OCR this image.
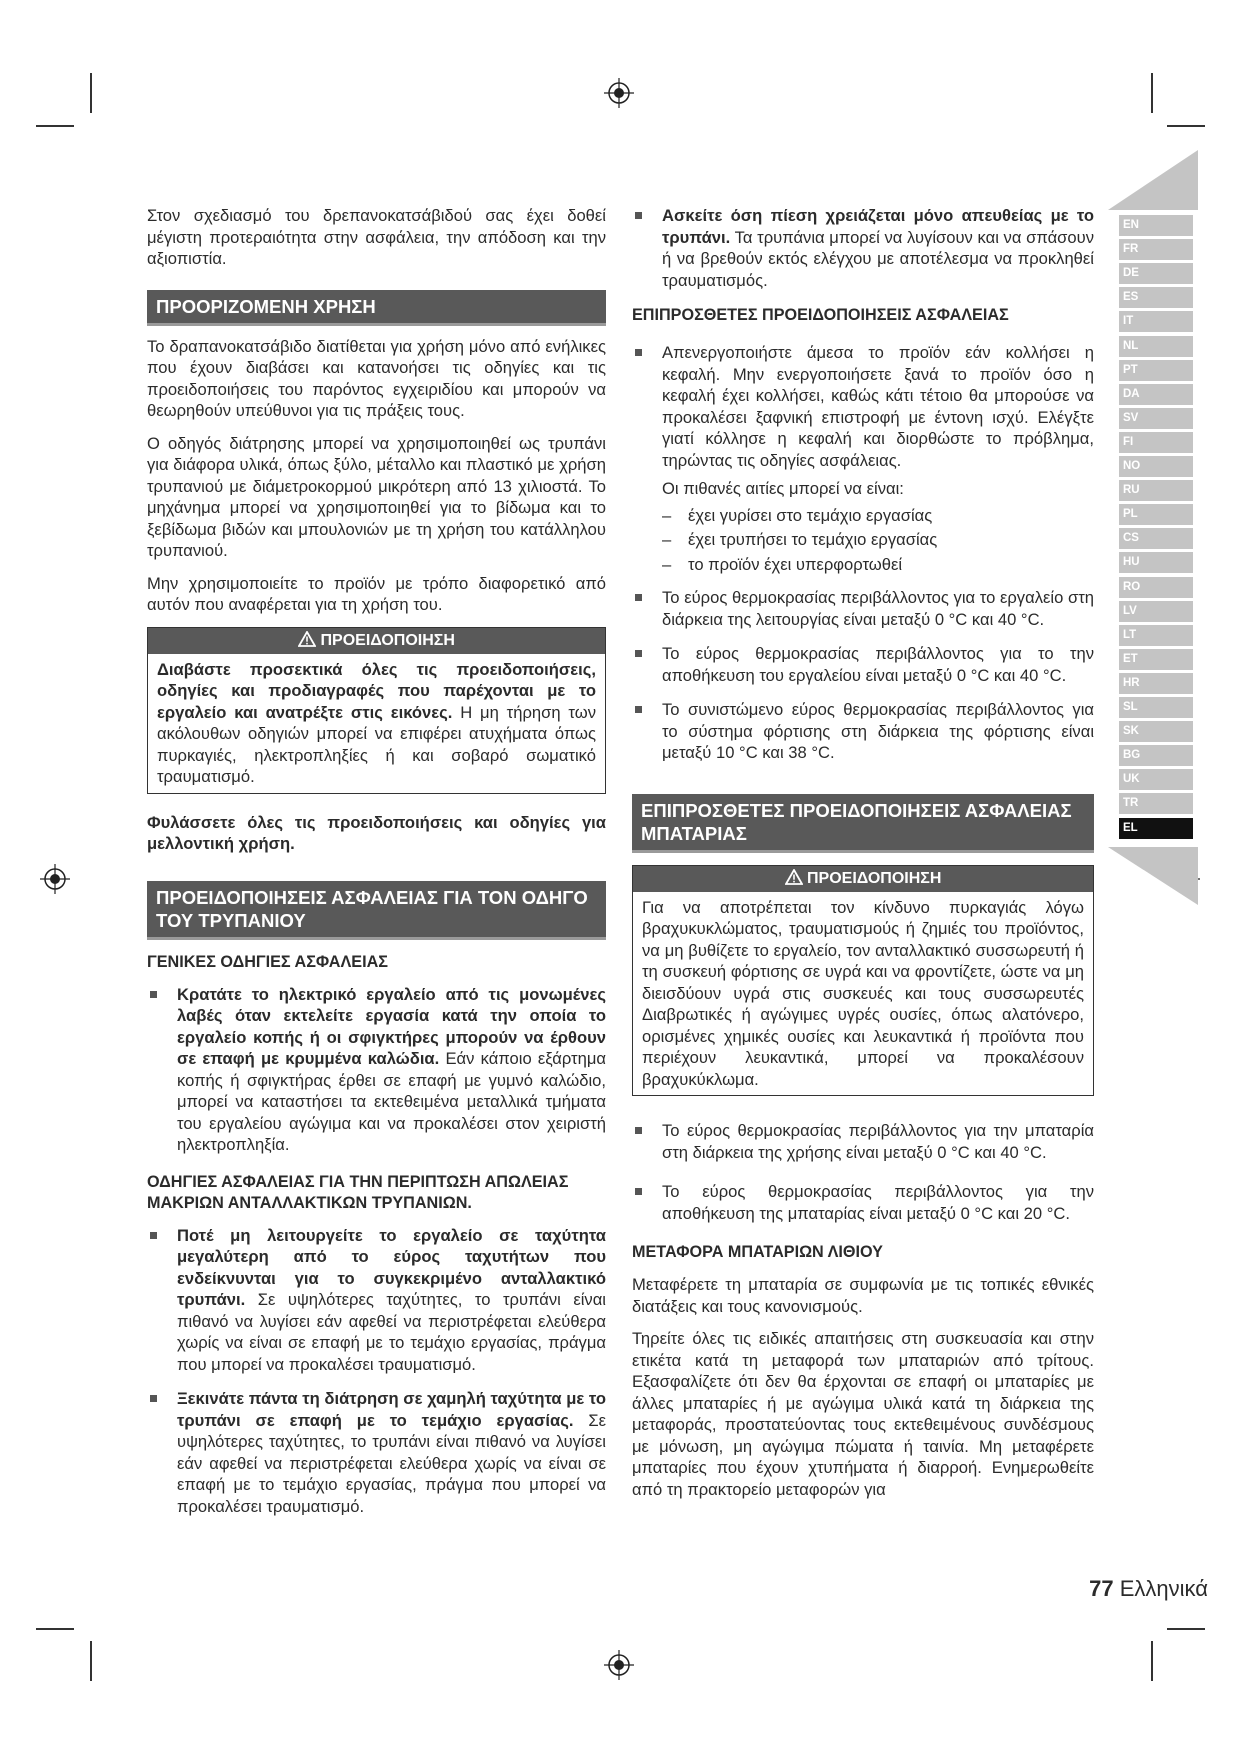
EN
FR
DE
ES
IT
NL
PT
DA
SV
FI
NO
RU
PL
CS
HU
RO
LV
LT
ET
HR
SL
SK
BG
UK
TR
EL

Στον σχεδιασμό του δρεπανοκατσάβιδού σας έχει δοθεί μέγιστη προτεραιότητα στην ασφάλεια, την απόδοση και την αξιοπιστία.

ΠΡΟΟΡΙΖΟΜΕΝΗ ΧΡΗΣΗ

Το δραπανοκατσάβιδο διατίθεται για χρήση μόνο από ενήλικες που έχουν διαβάσει και κατανοήσει τις οδηγίες και τις προειδοποιήσεις του παρόντος εγχειριδίου και μπορούν να θεωρηθούν υπεύθυνοι για τις πράξεις τους.

Ο οδηγός διάτρησης μπορεί να χρησιμοποιηθεί ως τρυπάνι για διάφορα υλικά, όπως ξύλο, μέταλλο και πλαστικό με χρήση τρυπανιού με διάμετροκορμού μικρότερη από 13 χιλιοστά. Το μηχάνημα μπορεί να χρησιμοποιηθεί για το βίδωμα και το ξεβίδωμα βιδών και μπουλονιών με τη χρήση του κατάλληλου τρυπανιού.

Μην χρησιμοποιείτε το προϊόν με τρόπο διαφορετικό από αυτόν που αναφέρεται για τη χρήση του.

ΠΡΟΕΙΔΟΠΟΙΗΣΗ
Διαβάστε προσεκτικά όλες τις προειδοποιήσεις, οδηγίες και προδιαγραφές που παρέχονται με το εργαλείο και ανατρέξτε στις εικόνες. Η μη τήρηση των ακόλουθων οδηγιών μπορεί να επιφέρει ατυχήματα όπως πυρκαγιές, ηλεκτροπληξίες ή και σοβαρό σωματικό τραυματισμό.

Φυλάσσετε όλες τις προειδοποιήσεις και οδηγίες για μελλοντική χρήση.

ΠΡΟΕΙΔΟΠΟΙΗΣΕΙΣ ΑΣΦΑΛΕΙΑΣ ΓΙΑ ΤΟΝ ΟΔΗΓΟ ΤΟΥ ΤΡΥΠΑΝΙΟΥ
ΓΕΝΙΚΕΣ ΟΔΗΓΙΕΣ ΑΣΦΑΛΕΙΑΣ
Κρατάτε το ηλεκτρικό εργαλείο από τις μονωμένες λαβές όταν εκτελείτε εργασία κατά την οποία το εργαλείο κοπής ή οι σφιγκτήρες μπορούν να έρθουν σε επαφή με κρυμμένα καλώδια. Εάν κάποιο εξάρτημα κοπής ή σφιγκτήρας έρθει σε επαφή με γυμνό καλώδιο, μπορεί να καταστήσει τα εκτεθειμένα μεταλλικά τμήματα του εργαλείου αγώγιμα και να προκαλέσει στον χειριστή ηλεκτροπληξία.
ΟΔΗΓΙΕΣ ΑΣΦΑΛΕΙΑΣ ΓΙΑ ΤΗΝ ΠΕΡΙΠΤΩΣΗ ΑΠΩΛΕΙΑΣ ΜΑΚΡΙΩΝ ΑΝΤΑΛΛΑΚΤΙΚΩΝ ΤΡΥΠΑΝΙΩΝ.
Ποτέ μη λειτουργείτε το εργαλείο σε ταχύτητα μεγαλύτερη από το εύρος ταχυτήτων που ενδείκνυνται για το συγκεκριμένο ανταλλακτικό τρυπάνι. Σε υψηλότερες ταχύτητες, το τρυπάνι είναι πιθανό να λυγίσει εάν αφεθεί να περιστρέφεται ελεύθερα χωρίς να είναι σε επαφή με το τεμάχιο εργασίας, πράγμα που μπορεί να προκαλέσει τραυματισμό.
Ξεκινάτε πάντα τη διάτρηση σε χαμηλή ταχύτητα με το τρυπάνι σε επαφή με το τεμάχιο εργασίας. Σε υψηλότερες ταχύτητες, το τρυπάνι είναι πιθανό να λυγίσει εάν αφεθεί να περιστρέφεται ελεύθερα χωρίς να είναι σε επαφή με το τεμάχιο εργασίας, πράγμα που μπορεί να προκαλέσει τραυματισμό.
Ασκείτε όση πίεση χρειάζεται μόνο απευθείας με το τρυπάνι. Τα τρυπάνια μπορεί να λυγίσουν και να σπάσουν ή να βρεθούν εκτός ελέγχου με αποτέλεσμα να προκληθεί τραυματισμός.
ΕΠΙΠΡΟΣΘΕΤΕΣ ΠΡΟΕΙΔΟΠΟΙΗΣΕΙΣ ΑΣΦΑΛΕΙΑΣ
Απενεργοποιήστε άμεσα το προϊόν εάν κολλήσει η κεφαλή. Μην ενεργοποιήσετε ξανά το προϊόν όσο η κεφαλή έχει κολλήσει, καθώς κάτι τέτοιο θα μπορούσε να προκαλέσει ξαφνική επιστροφή με έντονη ισχύ. Ελέγξτε γιατί κόλλησε η κεφαλή και διορθώστε το πρόβλημα, τηρώντας τις οδηγίες ασφάλειας.
Οι πιθανές αιτίες μπορεί να είναι:
–	έχει γυρίσει στο τεμάχιο εργασίας
–	έχει τρυπήσει το τεμάχιο εργασίας
–	το προϊόν έχει υπερφορτωθεί
Το εύρος θερμοκρασίας περιβάλλοντος για το εργαλείο στη διάρκεια της λειτουργίας είναι μεταξύ 0 °C και 40 °C.
Το εύρος θερμοκρασίας περιβάλλοντος για το την αποθήκευση του εργαλείου είναι μεταξύ 0 °C και 40 °C.
Το συνιστώμενο εύρος θερμοκρασίας περιβάλλοντος για το σύστημα φόρτισης στη διάρκεια της φόρτισης είναι μεταξύ 10 °C και 38 °C.
ΕΠΙΠΡΟΣΘΕΤΕΣ ΠΡΟΕΙΔΟΠΟΙΗΣΕΙΣ ΑΣΦΑΛΕΙΑΣ ΜΠΑΤΑΡΙΑΣ
ΠΡΟΕΙΔΟΠΟΙΗΣΗ
Για να αποτρέπεται τον κίνδυνο πυρκαγιάς λόγω βραχυκυκλώματος, τραυματισμούς ή ζημιές του προϊόντος, να μη βυθίζετε το εργαλείο, τον ανταλλακτικό συσσωρευτή ή τη συσκευή φόρτισης σε υγρά και να φροντίζετε, ώστε να μη διεισδύουν υγρά στις συσκευές και τους συσσωρευτές Διαβρωτικές ή αγώγιμες υγρές ουσίες, όπως αλατόνερο, ορισμένες χημικές ουσίες και λευκαντικά ή προϊόντα που περιέχουν λευκαντικά, μπορεί να προκαλέσουν βραχυκύκλωμα.
Το εύρος θερμοκρασίας περιβάλλοντος για την μπαταρία στη διάρκεια της χρήσης είναι μεταξύ 0 °C και 40 °C.
Το εύρος θερμοκρασίας περιβάλλοντος για την αποθήκευση της μπαταρίας είναι μεταξύ 0 °C και 20 °C.
ΜΕΤΑΦΟΡΑ ΜΠΑΤΑΡΙΩΝ ΛΙΘΙΟΥ

Μεταφέρετε τη μπαταρία σε συμφωνία με τις τοπικές εθνικές διατάξεις και τους κανονισμούς.

Τηρείτε όλες τις ειδικές απαιτήσεις στη συσκευασία και στην ετικέτα κατά τη μεταφορά των μπαταριών από τρίτους. Εξασφαλίζετε ότι δεν θα έρχονται σε επαφή οι μπαταρίες με άλλες μπαταρίες ή με αγώγιμα υλικά κατά τη διάρκεια της μεταφοράς, προστατεύοντας τους εκτεθειμένους συνδέσμους με μόνωση, μη αγώγιμα πώματα ή ταινία. Μη μεταφέρετε μπαταρίες που έχουν χτυπήματα ή διαρροή. Ενημερωθείτε από τη πρακτορείο μεταφορών για

77 Ελληνικά
